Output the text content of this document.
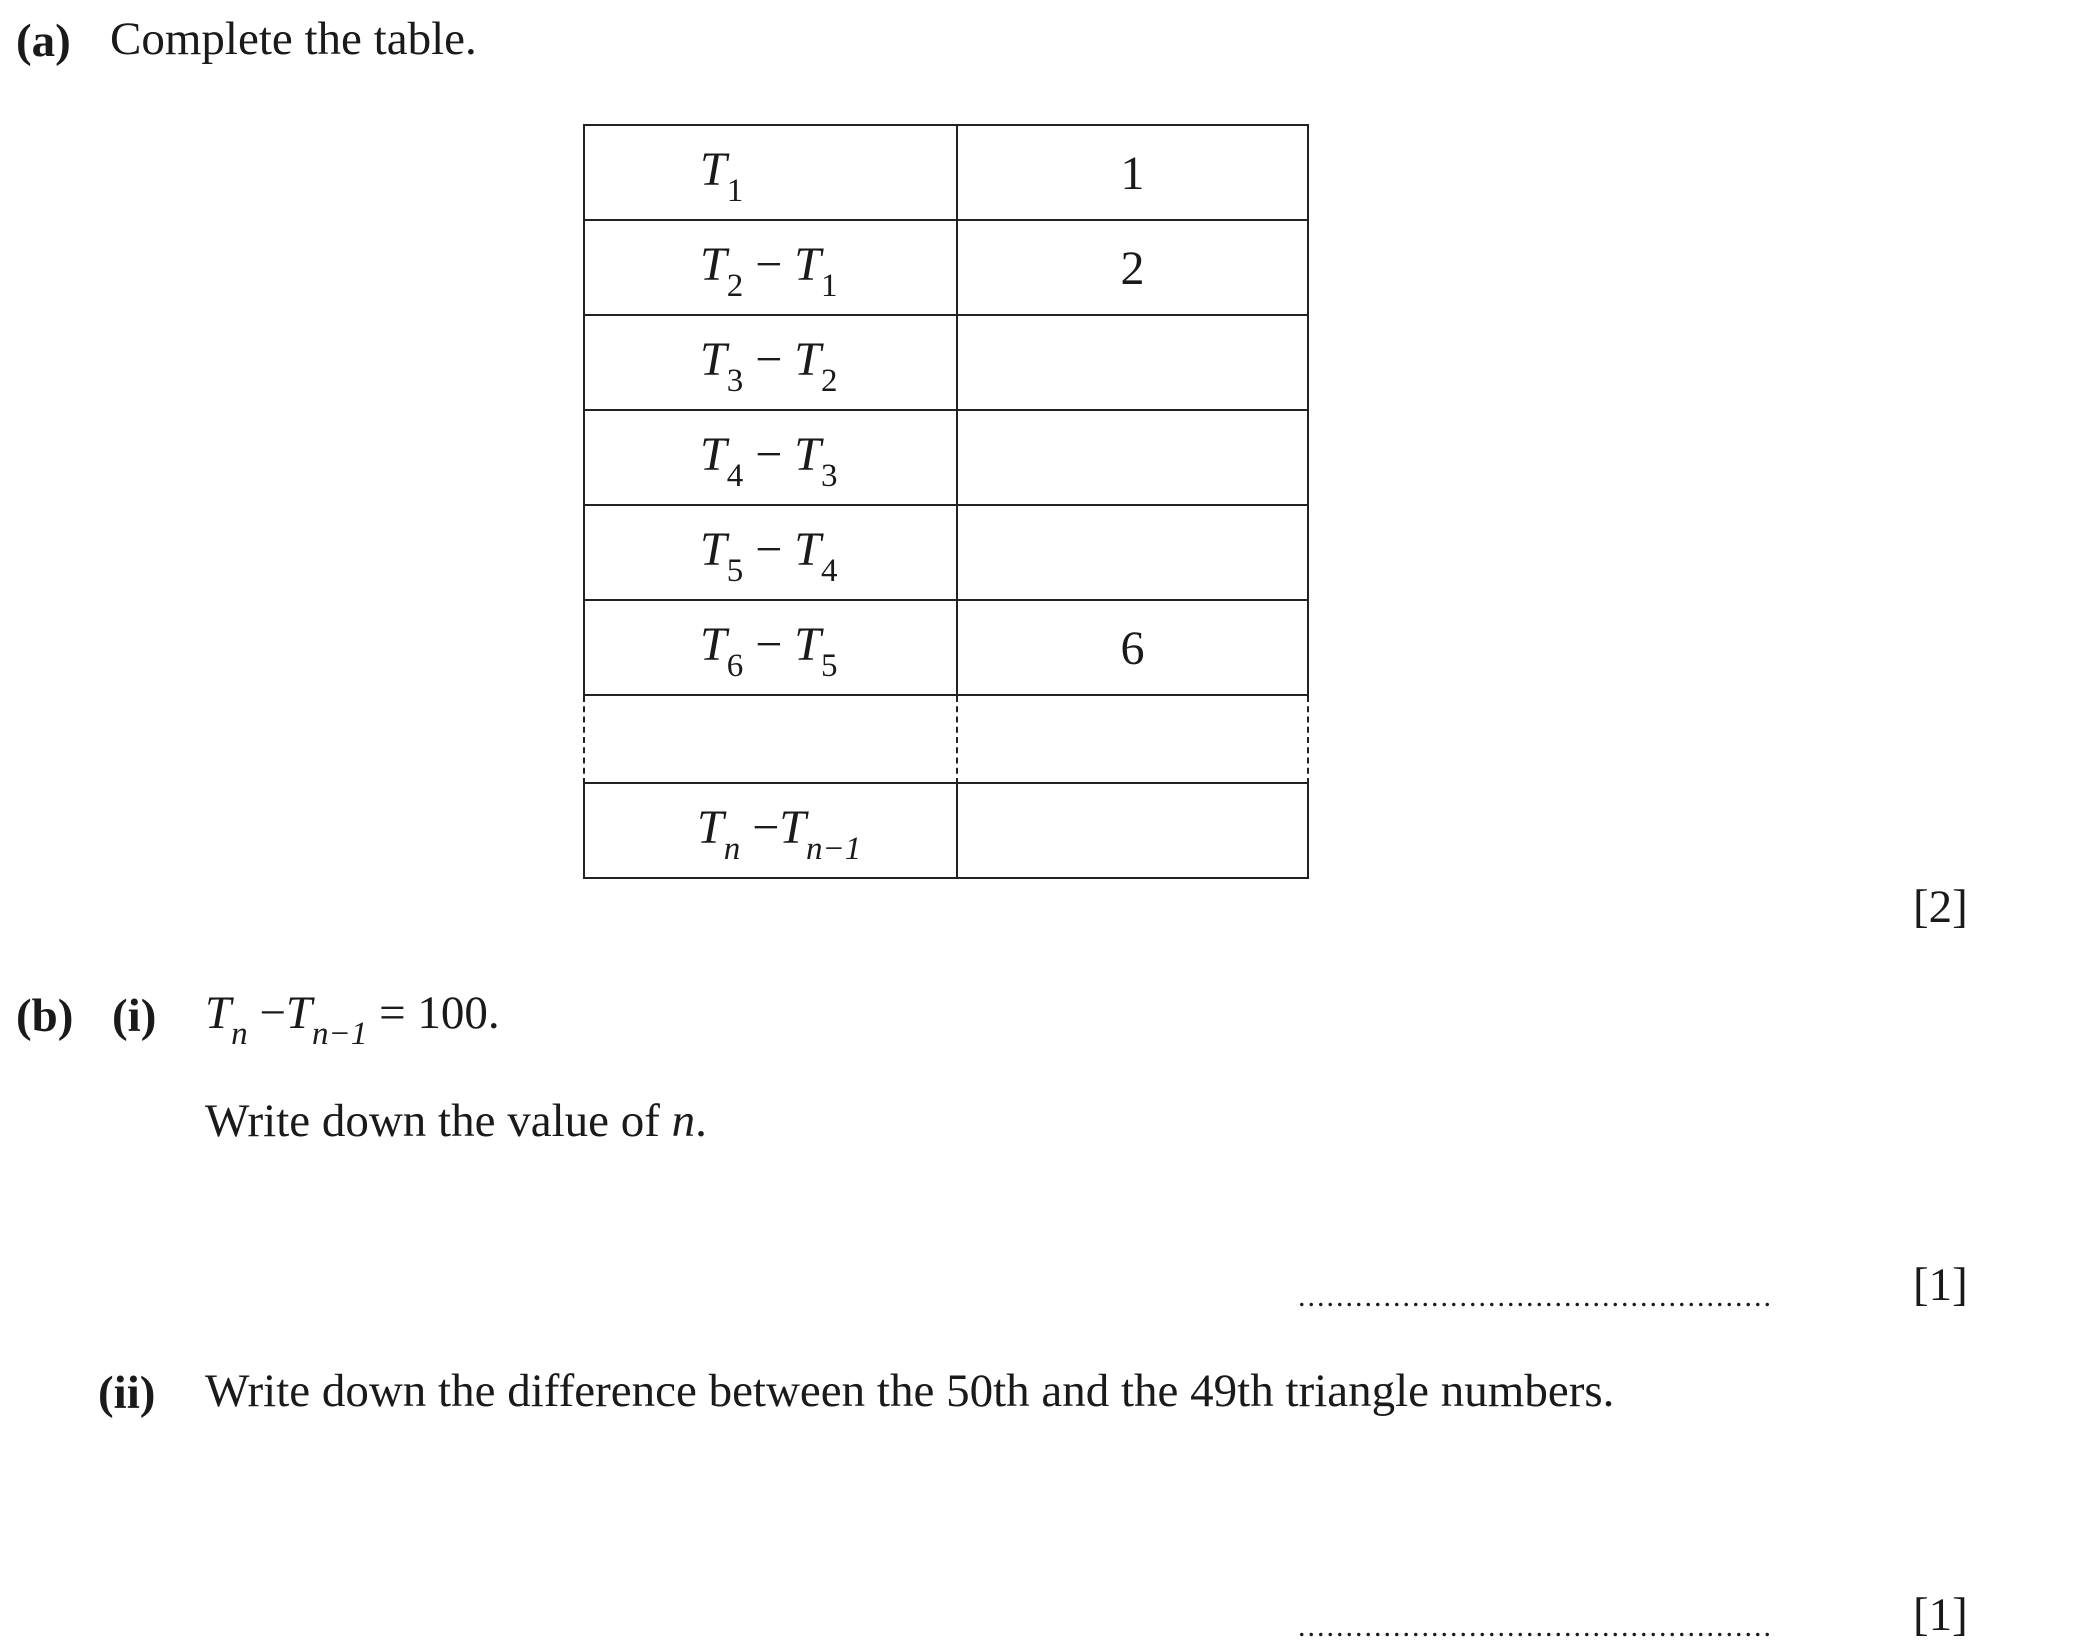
(a) Complete the table.
$T_1$	1
$T_2 - T_1$	2
$T_3 - T_2$
$T_4 - T_3$
$T_5 - T_4$
$T_6 - T_5$	6
$T_n -T_{n-1}$
[2]
(b) (i) $T_n -T_{n-1} = 100$.
Write down the value of n.
..................................................	[1]
(ii) Write down the difference between the 50th and the 49th triangle numbers.
..................................................	[1]
